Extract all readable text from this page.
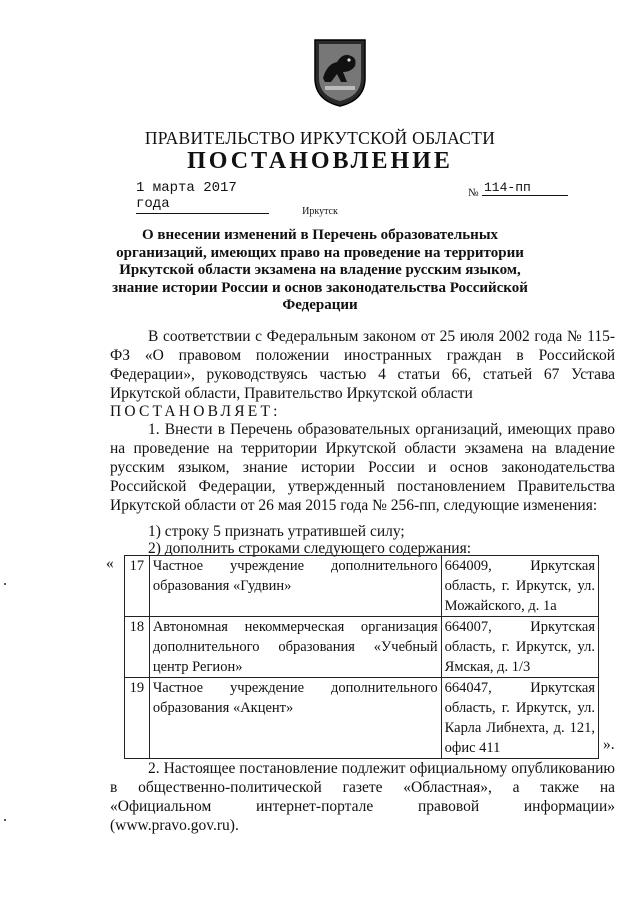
ПРАВИТЕЛЬСТВО ИРКУТСКОЙ ОБЛАСТИ
ПОСТАНОВЛЕНИЕ
1 марта 2017 года
№ 114-пп
Иркутск
О внесении изменений в Перечень образовательных организаций, имеющих право на проведение на территории Иркутской области экзамена на владение русским языком, знание истории России и основ законодательства Российской Федерации
В соответствии с Федеральным законом от 25 июля 2002 года № 115-ФЗ «О правовом положении иностранных граждан в Российской Федерации», руководствуясь частью 4 статьи 66, статьей 67 Устава Иркутской области, Правительство Иркутской области
ПОСТАНОВЛЯЕТ:
1. Внести в Перечень образовательных организаций, имеющих право на проведение на территории Иркутской области экзамена на владение русским языком, знание истории России и основ законодательства Российской Федерации, утвержденный постановлением Правительства Иркутской области от 26 мая 2015 года № 256-пп, следующие изменения:
1) строку 5 признать утратившей силу;
2) дополнить строками следующего содержания:
« 17	Частное учреждение дополнительного образования «Гудвин»	664009, Иркутская область, г. Иркутск, ул. Можайского, д. 1а
18	Автономная некоммерческая организация дополнительного образования «Учебный центр Регион»	664007, Иркутская область, г. Иркутск, ул. Ямская, д. 1/3
19	Частное учреждение дополнительного образования «Акцент»	664047, Иркутская область, г. Иркутск, ул. Карла Либнехта, д. 121, офис 411	».
2. Настоящее постановление подлежит официальному опубликованию в общественно-политической газете «Областная», а также на «Официальном интернет-портале правовой информации» (www.pravo.gov.ru).
